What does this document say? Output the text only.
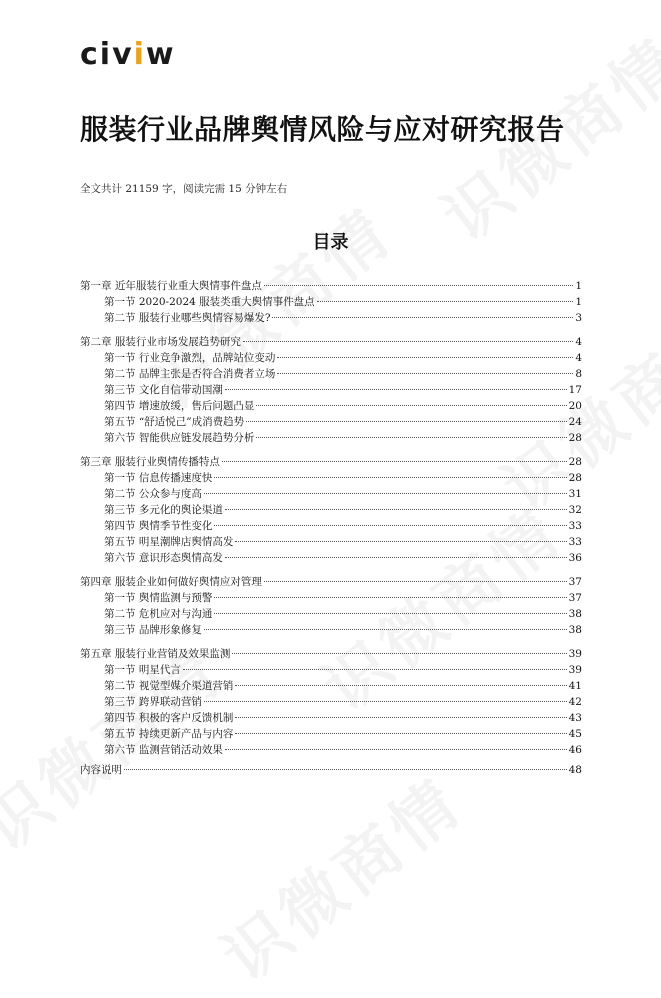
civiw
服装行业品牌舆情风险与应对研究报告
全文共计 21159 字，阅读完需 15 分钟左右
目录
第一章 近年服装行业重大舆情事件盘点	1
第一节 2020-2024 服装类重大舆情事件盘点	1
第二节 服装行业哪些舆情容易爆发?	3
第二章 服装行业市场发展趋势研究	4
第一节 行业竞争激烈，品牌站位变动	4
第二节 品牌主张是否符合消费者立场	8
第三节 文化自信带动国潮	17
第四节 增速放缓，售后问题凸显	20
第五节 “舒适悦己”成消费趋势	24
第六节 智能供应链发展趋势分析	28
第三章 服装行业舆情传播特点	28
第一节 信息传播速度快	28
第二节 公众参与度高	31
第三节 多元化的舆论渠道	32
第四节 舆情季节性变化	33
第五节 明星潮牌店舆情高发	33
第六节 意识形态舆情高发	36
第四章 服装企业如何做好舆情应对管理	37
第一节 舆情监测与预警	37
第二节 危机应对与沟通	38
第三节 品牌形象修复	38
第五章 服装行业营销及效果监测	39
第一节 明星代言	39
第二节 视觉型媒介渠道营销	41
第三节 跨界联动营销	42
第四节 积极的客户反馈机制	43
第五节 持续更新产品与内容	45
第六节 监测营销活动效果	46
内容说明	48
